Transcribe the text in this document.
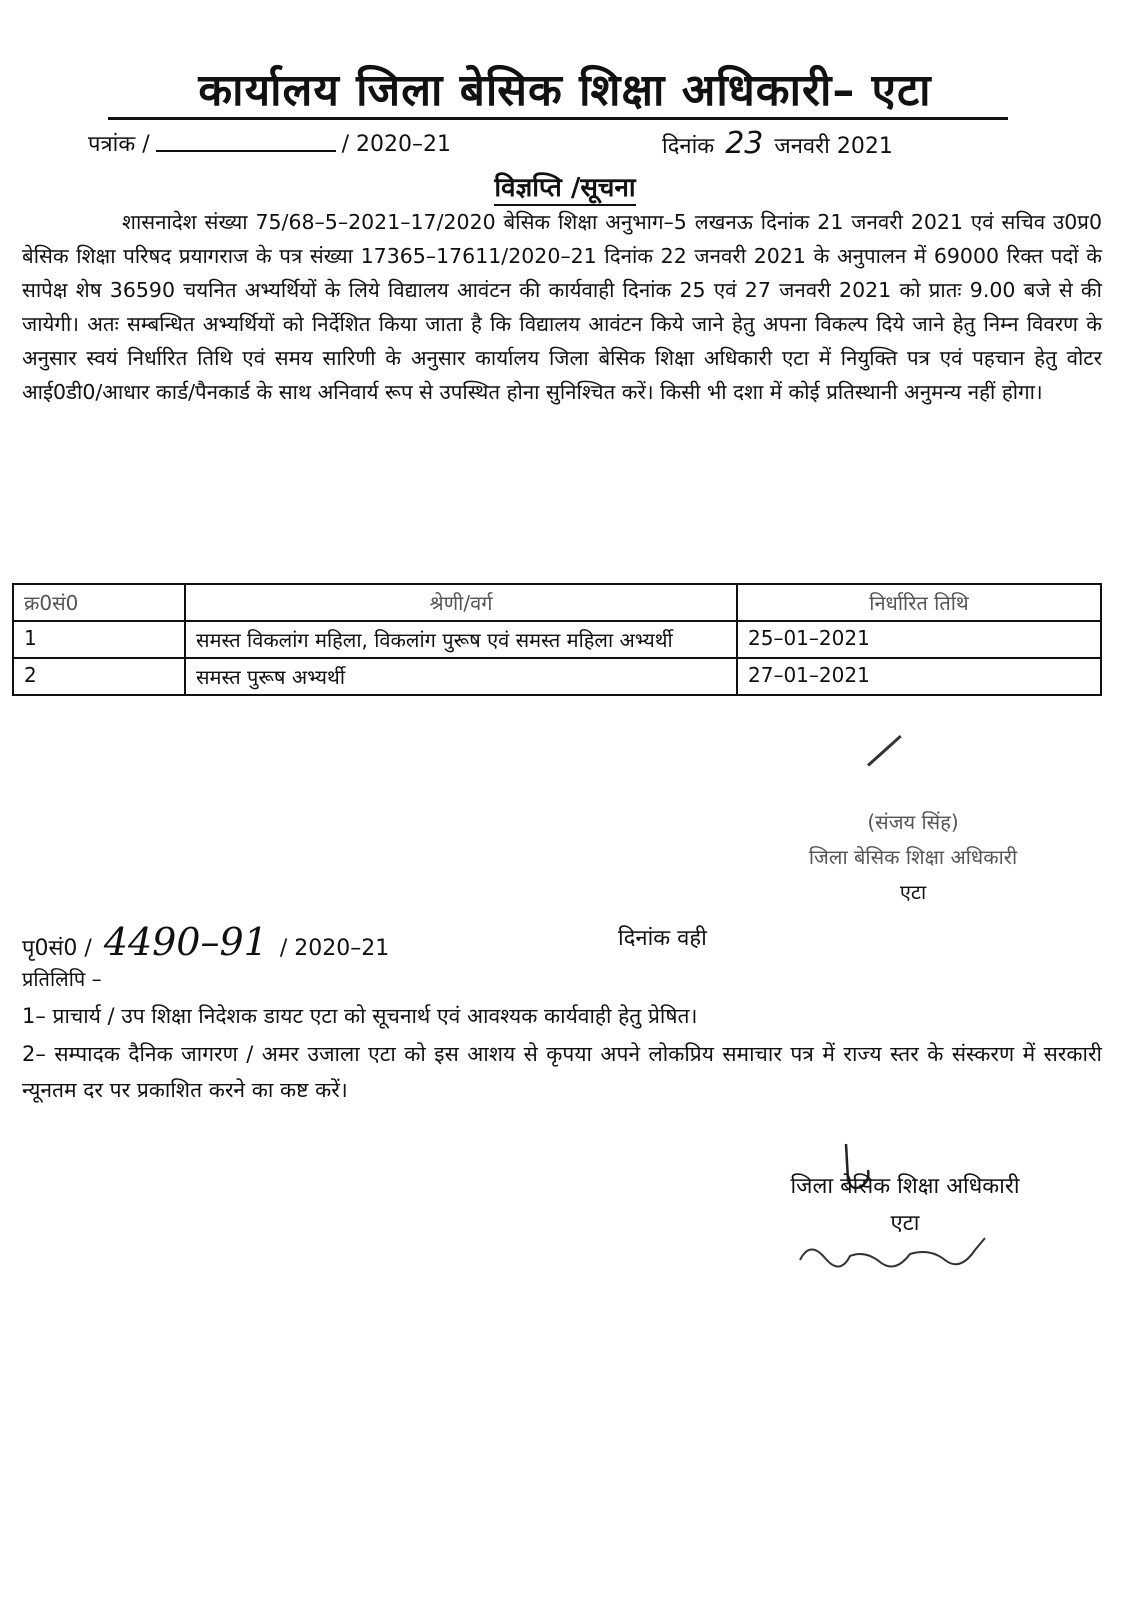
कार्यालय जिला बेसिक शिक्षा अधिकारी– एटा
पत्रांक /	/ 2020–21	दिनांक 23 जनवरी 2021
विज्ञप्ति /सूचना
शासनादेश संख्या 75/68–5–2021–17/2020 बेसिक शिक्षा अनुभाग–5 लखनऊ दिनांक 21 जनवरी 2021 एवं सचिव उ0प्र0 बेसिक शिक्षा परिषद प्रयागराज के पत्र संख्या 17365–17611/2020–21 दिनांक 22 जनवरी 2021 के अनुपालन में 69000 रिक्त पदों के सापेक्ष शेष 36590 चयनित अभ्यर्थियों के लिये विद्यालय आवंटन की कार्यवाही दिनांक 25 एवं 27 जनवरी 2021 को प्रातः 9.00 बजे से की जायेगी। अतः सम्बन्धित अभ्यर्थियों को निर्देशित किया जाता है कि विद्यालय आवंटन किये जाने हेतु अपना विकल्प दिये जाने हेतु निम्न विवरण के अनुसार स्वयं निर्धारित तिथि एवं समय सारिणी के अनुसार कार्यालय जिला बेसिक शिक्षा अधिकारी एटा में नियुक्ति पत्र एवं पहचान हेतु वोटर आई0डी0/आधार कार्ड/पैनकार्ड के साथ अनिवार्य रूप से उपस्थित होना सुनिश्चित करें। किसी भी दशा में कोई प्रतिस्थानी अनुमन्य नहीं होगा।
क्र0सं0	श्रेणी/वर्ग	निर्धारित तिथि
1	समस्त विकलांग महिला, विकलांग पुरूष एवं समस्त महिला अभ्यर्थी	25–01–2021
2	समस्त पुरूष अभ्यर्थी	27–01–2021
(संजय सिंह)
जिला बेसिक शिक्षा अधिकारी
एटा
पृ0सं0 / 4490–91 / 2020–21	दिनांक वही
प्रतिलिपि –
1– प्राचार्य / उप शिक्षा निदेशक डायट एटा को सूचनार्थ एवं आवश्यक कार्यवाही हेतु प्रेषित।
2– सम्पादक दैनिक जागरण / अमर उजाला एटा को इस आशय से कृपया अपने लोकप्रिय समाचार पत्र में राज्य स्तर के संस्करण में सरकारी न्यूनतम दर पर प्रकाशित करने का कष्ट करें।
जिला बेसिक शिक्षा अधिकारी
एटा
